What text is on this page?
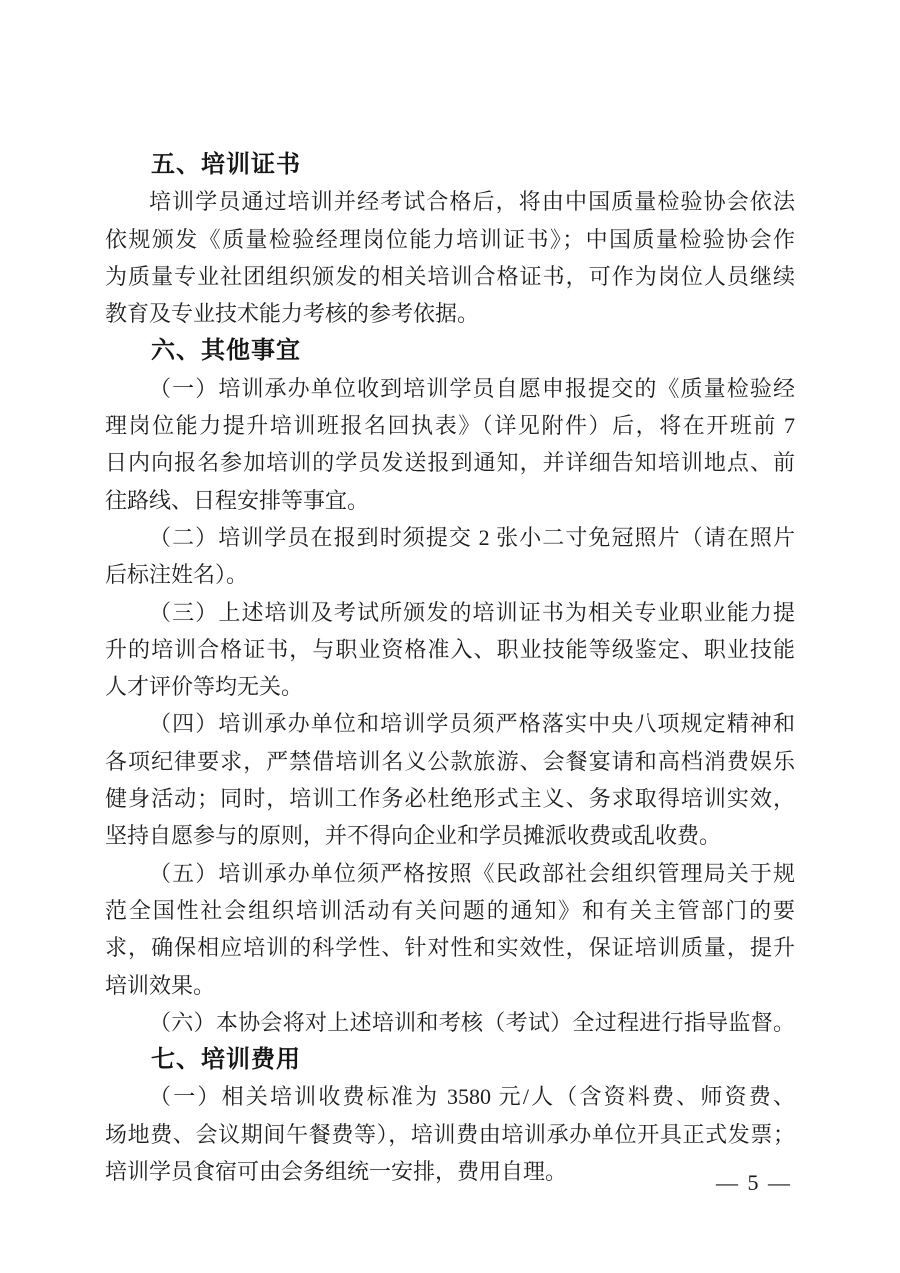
五、培训证书
培训学员通过培训并经考试合格后，将由中国质量检验协会依法
依规颁发《质量检验经理岗位能力培训证书》；中国质量检验协会作
为质量专业社团组织颁发的相关培训合格证书，可作为岗位人员继续
教育及专业技术能力考核的参考依据。
六、其他事宜
（一）培训承办单位收到培训学员自愿申报提交的《质量检验经
理岗位能力提升培训班报名回执表》（详见附件）后，将在开班前 7
日内向报名参加培训的学员发送报到通知，并详细告知培训地点、前
往路线、日程安排等事宜。
（二）培训学员在报到时须提交 2 张小二寸免冠照片（请在照片
后标注姓名）。
（三）上述培训及考试所颁发的培训证书为相关专业职业能力提
升的培训合格证书，与职业资格准入、职业技能等级鉴定、职业技能
人才评价等均无关。
（四）培训承办单位和培训学员须严格落实中央八项规定精神和
各项纪律要求，严禁借培训名义公款旅游、会餐宴请和高档消费娱乐
健身活动；同时，培训工作务必杜绝形式主义、务求取得培训实效，
坚持自愿参与的原则，并不得向企业和学员摊派收费或乱收费。
（五）培训承办单位须严格按照《民政部社会组织管理局关于规
范全国性社会组织培训活动有关问题的通知》和有关主管部门的要
求，确保相应培训的科学性、针对性和实效性，保证培训质量，提升
培训效果。
（六）本协会将对上述培训和考核（考试）全过程进行指导监督。
七、培训费用
（一）相关培训收费标准为 3580 元/人（含资料费、师资费、
场地费、会议期间午餐费等），培训费由培训承办单位开具正式发票；
培训学员食宿可由会务组统一安排，费用自理。	— 5 —
